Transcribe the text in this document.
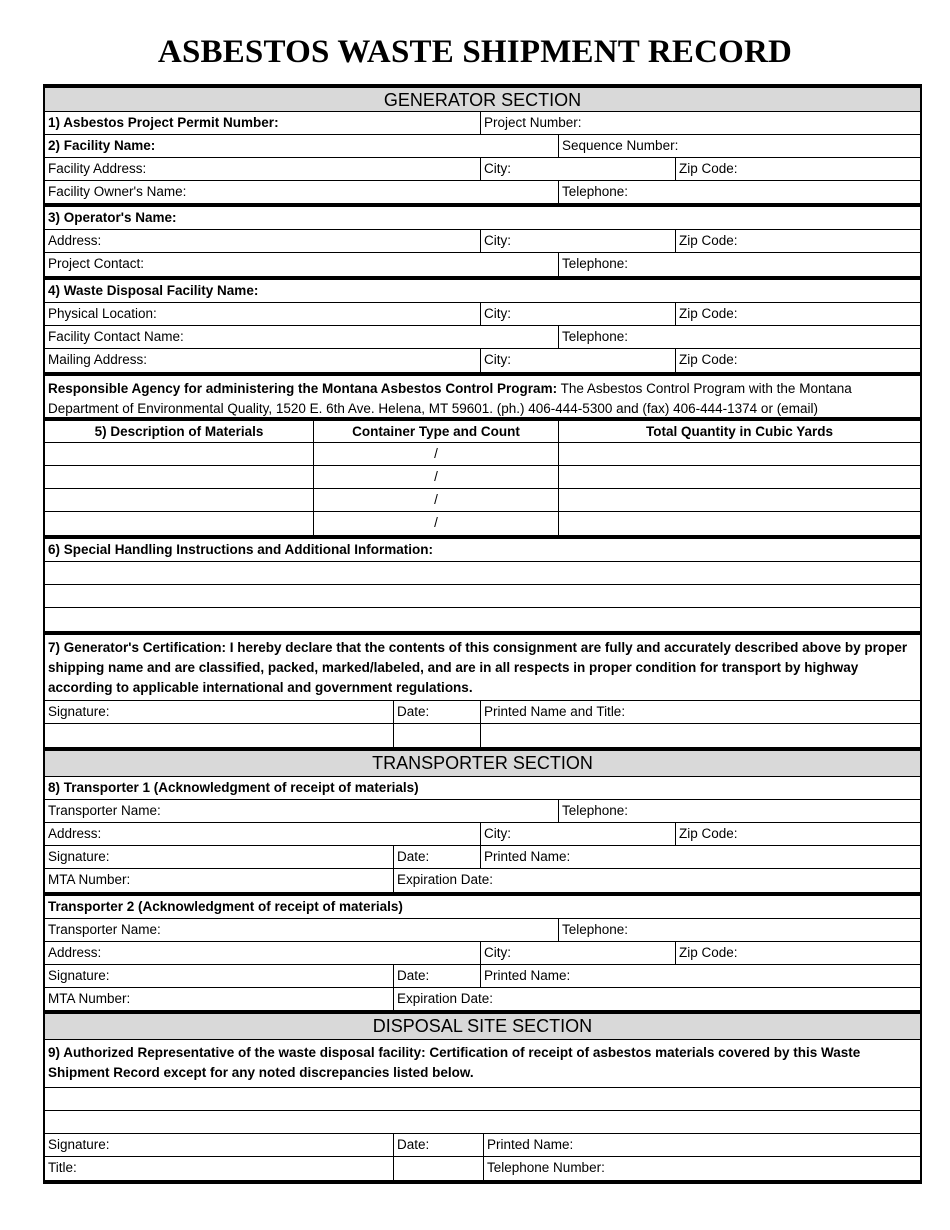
ASBESTOS WASTE SHIPMENT RECORD
GENERATOR SECTION
1) Asbestos Project Permit Number:	Project Number:
2) Facility Name:	Sequence Number:
Facility Address:	City:	Zip Code:
Facility Owner's Name:	Telephone:
3) Operator's Name:
Address:	City:	Zip Code:
Project Contact:	Telephone:
4) Waste Disposal Facility Name:
Physical Location:	City:	Zip Code:
Facility Contact Name:	Telephone:
Mailing Address:	City:	Zip Code:
Responsible Agency for administering the Montana Asbestos Control Program: The Asbestos Control Program with the Montana Department of Environmental Quality, 1520 E. 6th Ave. Helena, MT 59601. (ph.) 406-444-5300 and (fax) 406-444-1374 or (email)
5) Description of Materials	Container Type and Count	Total Quantity in Cubic Yards
/
/
/
/
6) Special Handling Instructions and Additional Information:
7) Generator's Certification: I hereby declare that the contents of this consignment are fully and accurately described above by proper shipping name and are classified, packed, marked/labeled, and are in all respects in proper condition for transport by highway according to applicable international and government regulations.
Signature:	Date:	Printed Name and Title:
TRANSPORTER SECTION
8) Transporter 1 (Acknowledgment of receipt of materials)
Transporter Name:	Telephone:
Address:	City:	Zip Code:
Signature:	Date:	Printed Name:
MTA Number:	Expiration Date:
Transporter 2 (Acknowledgment of receipt of materials)
Transporter Name:	Telephone:
Address:	City:	Zip Code:
Signature:	Date:	Printed Name:
MTA Number:	Expiration Date:
DISPOSAL SITE SECTION
9) Authorized Representative of the waste disposal facility: Certification of receipt of asbestos materials covered by this Waste Shipment Record except for any noted discrepancies listed below.
Signature:	Date:	Printed Name:
Title:	Telephone Number:
